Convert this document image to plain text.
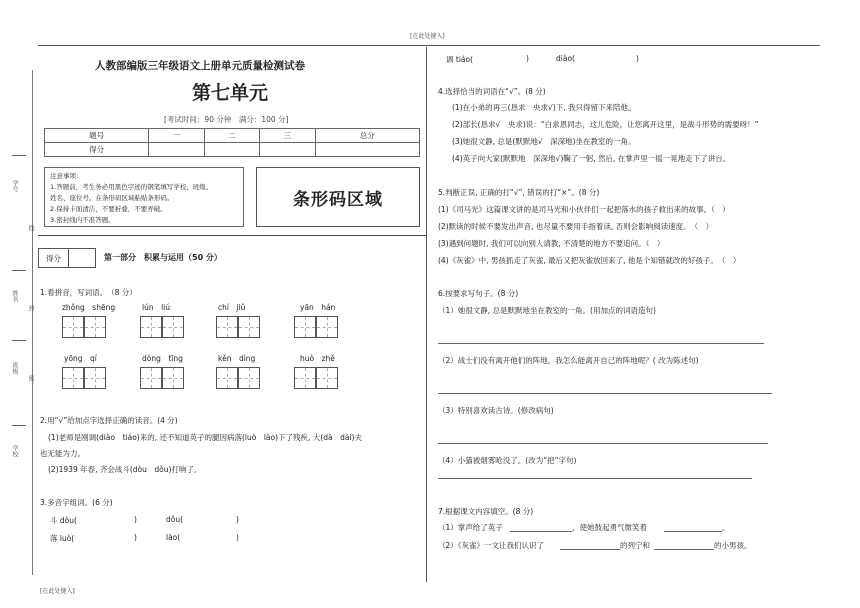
[在此处键入]
[在此处键入]
学号
线
姓名
封
班级
密
学校
人教部编版三年级语文上册单元质量检测试卷
第七单元
[考试时间：90 分钟　满分：100 分]
题号	一	二	三	总分
得分				
注意事项：
1.答题前，考生务必用黑色字迹的钢笔填写学校、班级、
姓名、座位号。在条形码区域粘贴条形码。
2.保持卡面清洁，不要折叠，不要弄破。
3.密封线内不准答题。
条形码区域
得分	第一部分　积累与运用（50 分）
1.看拼音，写词语。　（8 分）
zhǒng　shēng	lún　liú	chí　jiǔ	yān　hán
yōng　qí	dòng　tīng	kěn　dìng	huò　zhě
2.用“√”给加点字选择正确的读音。(4 分)
(1)老师是刚调(diào　tiáo)来的, 还不知道英子的腿因病落(luò　lào)下了残疾, 大(dà　dài)夫
也无能为力。
(2)1939 年春, 齐会战斗(dòu　dǒu)打响了。
3.多音字组词。(6 分)
斗 dòu(	)	dǒu(	)
落 luò(	)	lào(	)
调 tiáo(	)	diào(	)
4.选择恰当的词语在“√”。(8 分)
(1)在小弟的再三(恳求　央求√)下, 我只得留下来陪他。
(2)部长(恳求√　央求)说：“白求恩同志，这儿危险，让您离开这里，是战斗形势的需要呀！”
(3)她很文静, 总是(默默地√　深深地)坐在教室的一角。
(4)英子向大家(默默地　深深地√)鞠了一躬, 然后, 在掌声里一摇一晃地走下了讲台。
5.判断正误, 正确的打“√”, 错误的打“×”。(8 分)
(1)《司马光》这篇课文讲的是司马光和小伙伴们一起把落水的孩子救出来的故事。（　）
(2)默读的时候不要发出声音, 也尽量不要用手指着读, 否则会影响阅读速度。　（　）
(3)遇到问题时, 我们可以向别人请教, 不清楚的地方不要追问。（　）
(4)《灰雀》中, 男孩抓走了灰雀, 最后又把灰雀放回来了, 他是个知错就改的好孩子。　（　）
6.按要求写句子。(8 分)
（1）她很文静, 总是默默地坐在教室的一角。(用加点的词语造句)
（2）战士们没有离开他们的阵地，我怎么能离开自己的阵地呢？( 改为陈述句)
（3）特别喜欢读古诗。(修改病句)
（4）小猫被烟雾呛没了。(改为“把”字句)
7.根据课文内容填空。(8 分)
（1）掌声给了英子	，使她鼓起勇气微笑着	。
（2）《灰雀》一文让我们认识了	的列宁和	的小男孩。
